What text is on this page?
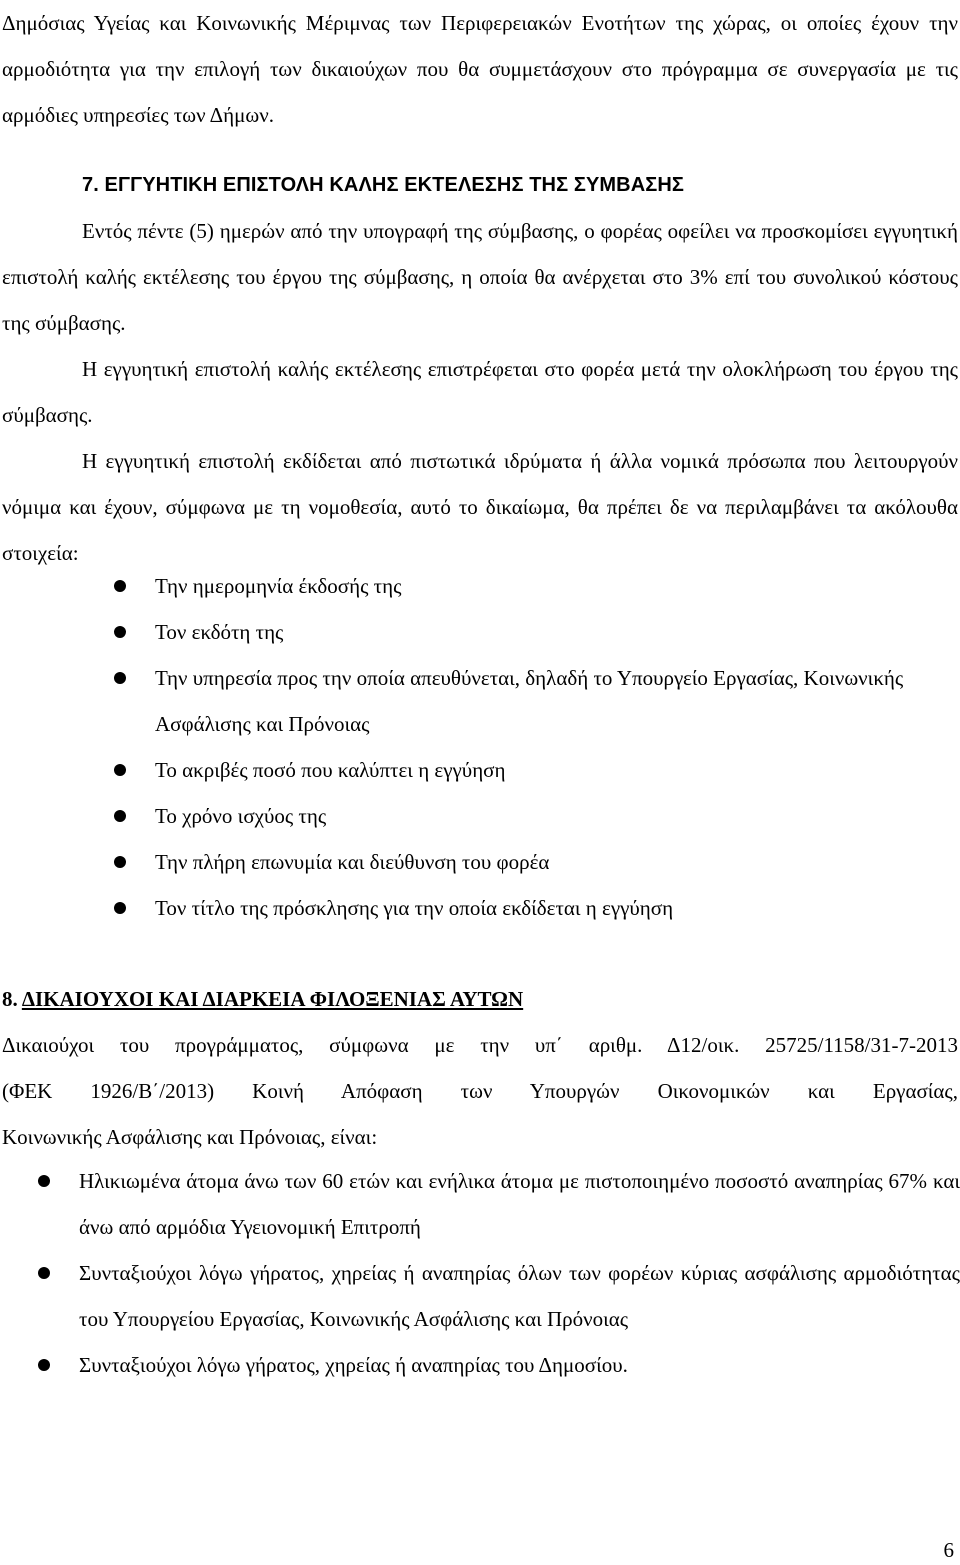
Δημόσιας Υγείας και Κοινωνικής Μέριμνας των Περιφερειακών Ενοτήτων της χώρας, οι οποίες έχουν την αρμοδιότητα για την επιλογή των δικαιούχων που θα συμμετάσχουν στο πρόγραμμα σε συνεργασία με τις αρμόδιες υπηρεσίες των Δήμων.

7. ΕΓΓΥΗΤΙΚΗ ΕΠΙΣΤΟΛΗ ΚΑΛΗΣ ΕΚΤΕΛΕΣΗΣ ΤΗΣ ΣΥΜΒΑΣΗΣ

Εντός πέντε (5) ημερών από την υπογραφή της σύμβασης, ο φορέας οφείλει να προσκομίσει εγγυητική επιστολή καλής εκτέλεσης του έργου της σύμβασης, η οποία θα ανέρχεται στο 3% επί του συνολικού κόστους της σύμβασης.

Η εγγυητική επιστολή καλής εκτέλεσης επιστρέφεται στο φορέα μετά την ολοκλήρωση του έργου της σύμβασης.

Η εγγυητική επιστολή εκδίδεται από πιστωτικά ιδρύματα ή άλλα νομικά πρόσωπα που λειτουργούν νόμιμα και έχουν, σύμφωνα με τη νομοθεσία, αυτό το δικαίωμα, θα πρέπει δε να περιλαμβάνει τα ακόλουθα στοιχεία:

Την ημερομηνία έκδοσής της
Τον εκδότη της
Την υπηρεσία προς την οποία απευθύνεται, δηλαδή το Υπουργείο Εργασίας, Κοινωνικής Ασφάλισης και Πρόνοιας
Το ακριβές ποσό που καλύπτει η εγγύηση
Το χρόνο ισχύος της
Την πλήρη επωνυμία και διεύθυνση του φορέα
Τον τίτλο της πρόσκλησης για την οποία εκδίδεται η εγγύηση

8. ΔΙΚΑΙΟΥΧΟΙ ΚΑΙ ΔΙΑΡΚΕΙΑ ΦΙΛΟΞΕΝΙΑΣ ΑΥΤΩΝ

Δικαιούχοι του προγράμματος, σύμφωνα με την υπ΄ αριθμ. Δ12/οικ. 25725/1158/31-7-2013
(ΦΕΚ 1926/Β΄/2013) Κοινή Απόφαση των Υπουργών Οικονομικών και Εργασίας,
Κοινωνικής Ασφάλισης και Πρόνοιας, είναι:

Ηλικιωμένα άτομα άνω των 60 ετών και ενήλικα άτομα με πιστοποιημένο ποσοστό αναπηρίας 67% και άνω από αρμόδια Υγειονομική Επιτροπή
Συνταξιούχοι λόγω γήρατος, χηρείας ή αναπηρίας όλων των φορέων κύριας ασφάλισης αρμοδιότητας του Υπουργείου Εργασίας, Κοινωνικής Ασφάλισης και Πρόνοιας
Συνταξιούχοι λόγω γήρατος, χηρείας ή αναπηρίας του Δημοσίου.
6
